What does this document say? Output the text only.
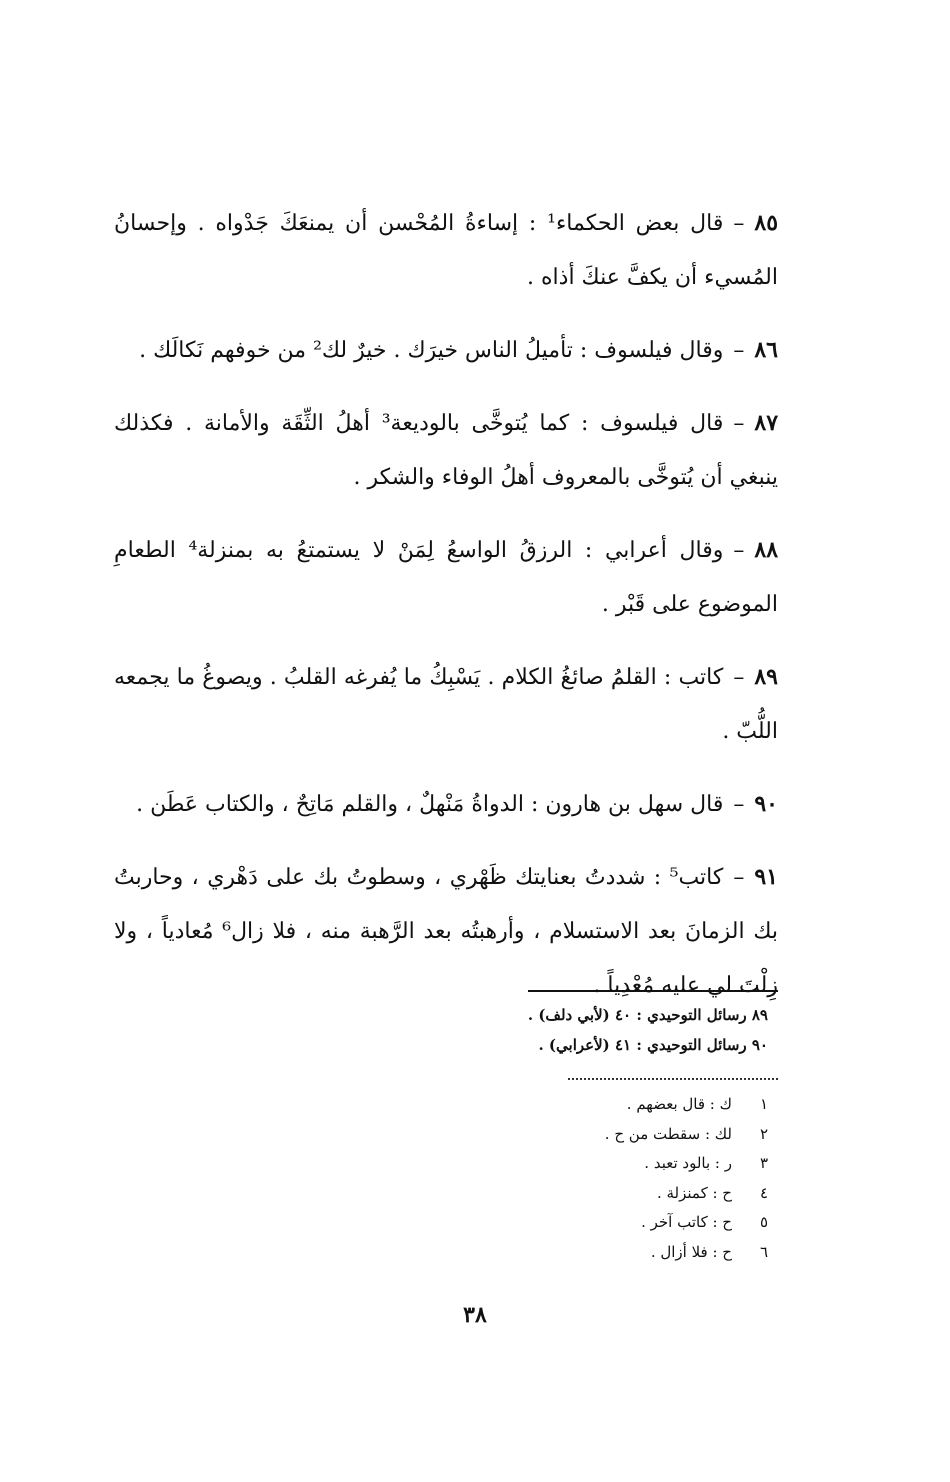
٨٥–قال بعض الحكماء¹ : إساءةُ المُحْسن أن يمنعَكَ جَدْواه . وإحسانُ المُسيء أن يكفَّ عنكَ أذاه .

٨٦–وقال فيلسوف : تأميلُ الناس خيرَك . خيرٌ لك² من خوفهم نَكالَك .

٨٧–قال فيلسوف : كما يُتوخَّى بالوديعة³ أهلُ الثِّقَة والأمانة . فكذلك ينبغي أن يُتوخَّى بالمعروف أهلُ الوفاء والشكر .

٨٨–وقال أعرابي : الرزقُ الواسعُ لِمَنْ لا يستمتعُ به بمنزلة⁴ الطعامِ الموضوع على قَبْر .

٨٩–كاتب : القلمُ صائغُ الكلام . يَسْبِكُ ما يُفرغه القلبُ . ويصوغُ ما يجمعه اللُّبّ .

٩٠–قال سهل بن هارون : الدواةُ مَنْهلٌ ، والقلم مَاتِحٌ ، والكتاب عَطَن .

٩١–كاتب⁵ : شددتُ بعنايتك ظَهْري ، وسطوتُ بك على دَهْري ، وحاربتُ بك الزمانَ بعد الاستسلام ، وأرهبتُه بعد الرَّهبة منه ، فلا زال⁶ مُعادياً ، ولا زِلْتَ لي عليه مُعْدِياً .

٨٩ رسائل التوحيدي : ٤٠ (لأبي دلف) .
٩٠ رسائل التوحيدي : ٤١ (لأعرابي) .
١ك : قال بعضهم .
٢لك : سقطت من ح .
٣ر : بالود تعبد .
٤ح : كمنزلة .
٥ح : كاتب آخر .
٦ح : فلا أزال .
٣٨
